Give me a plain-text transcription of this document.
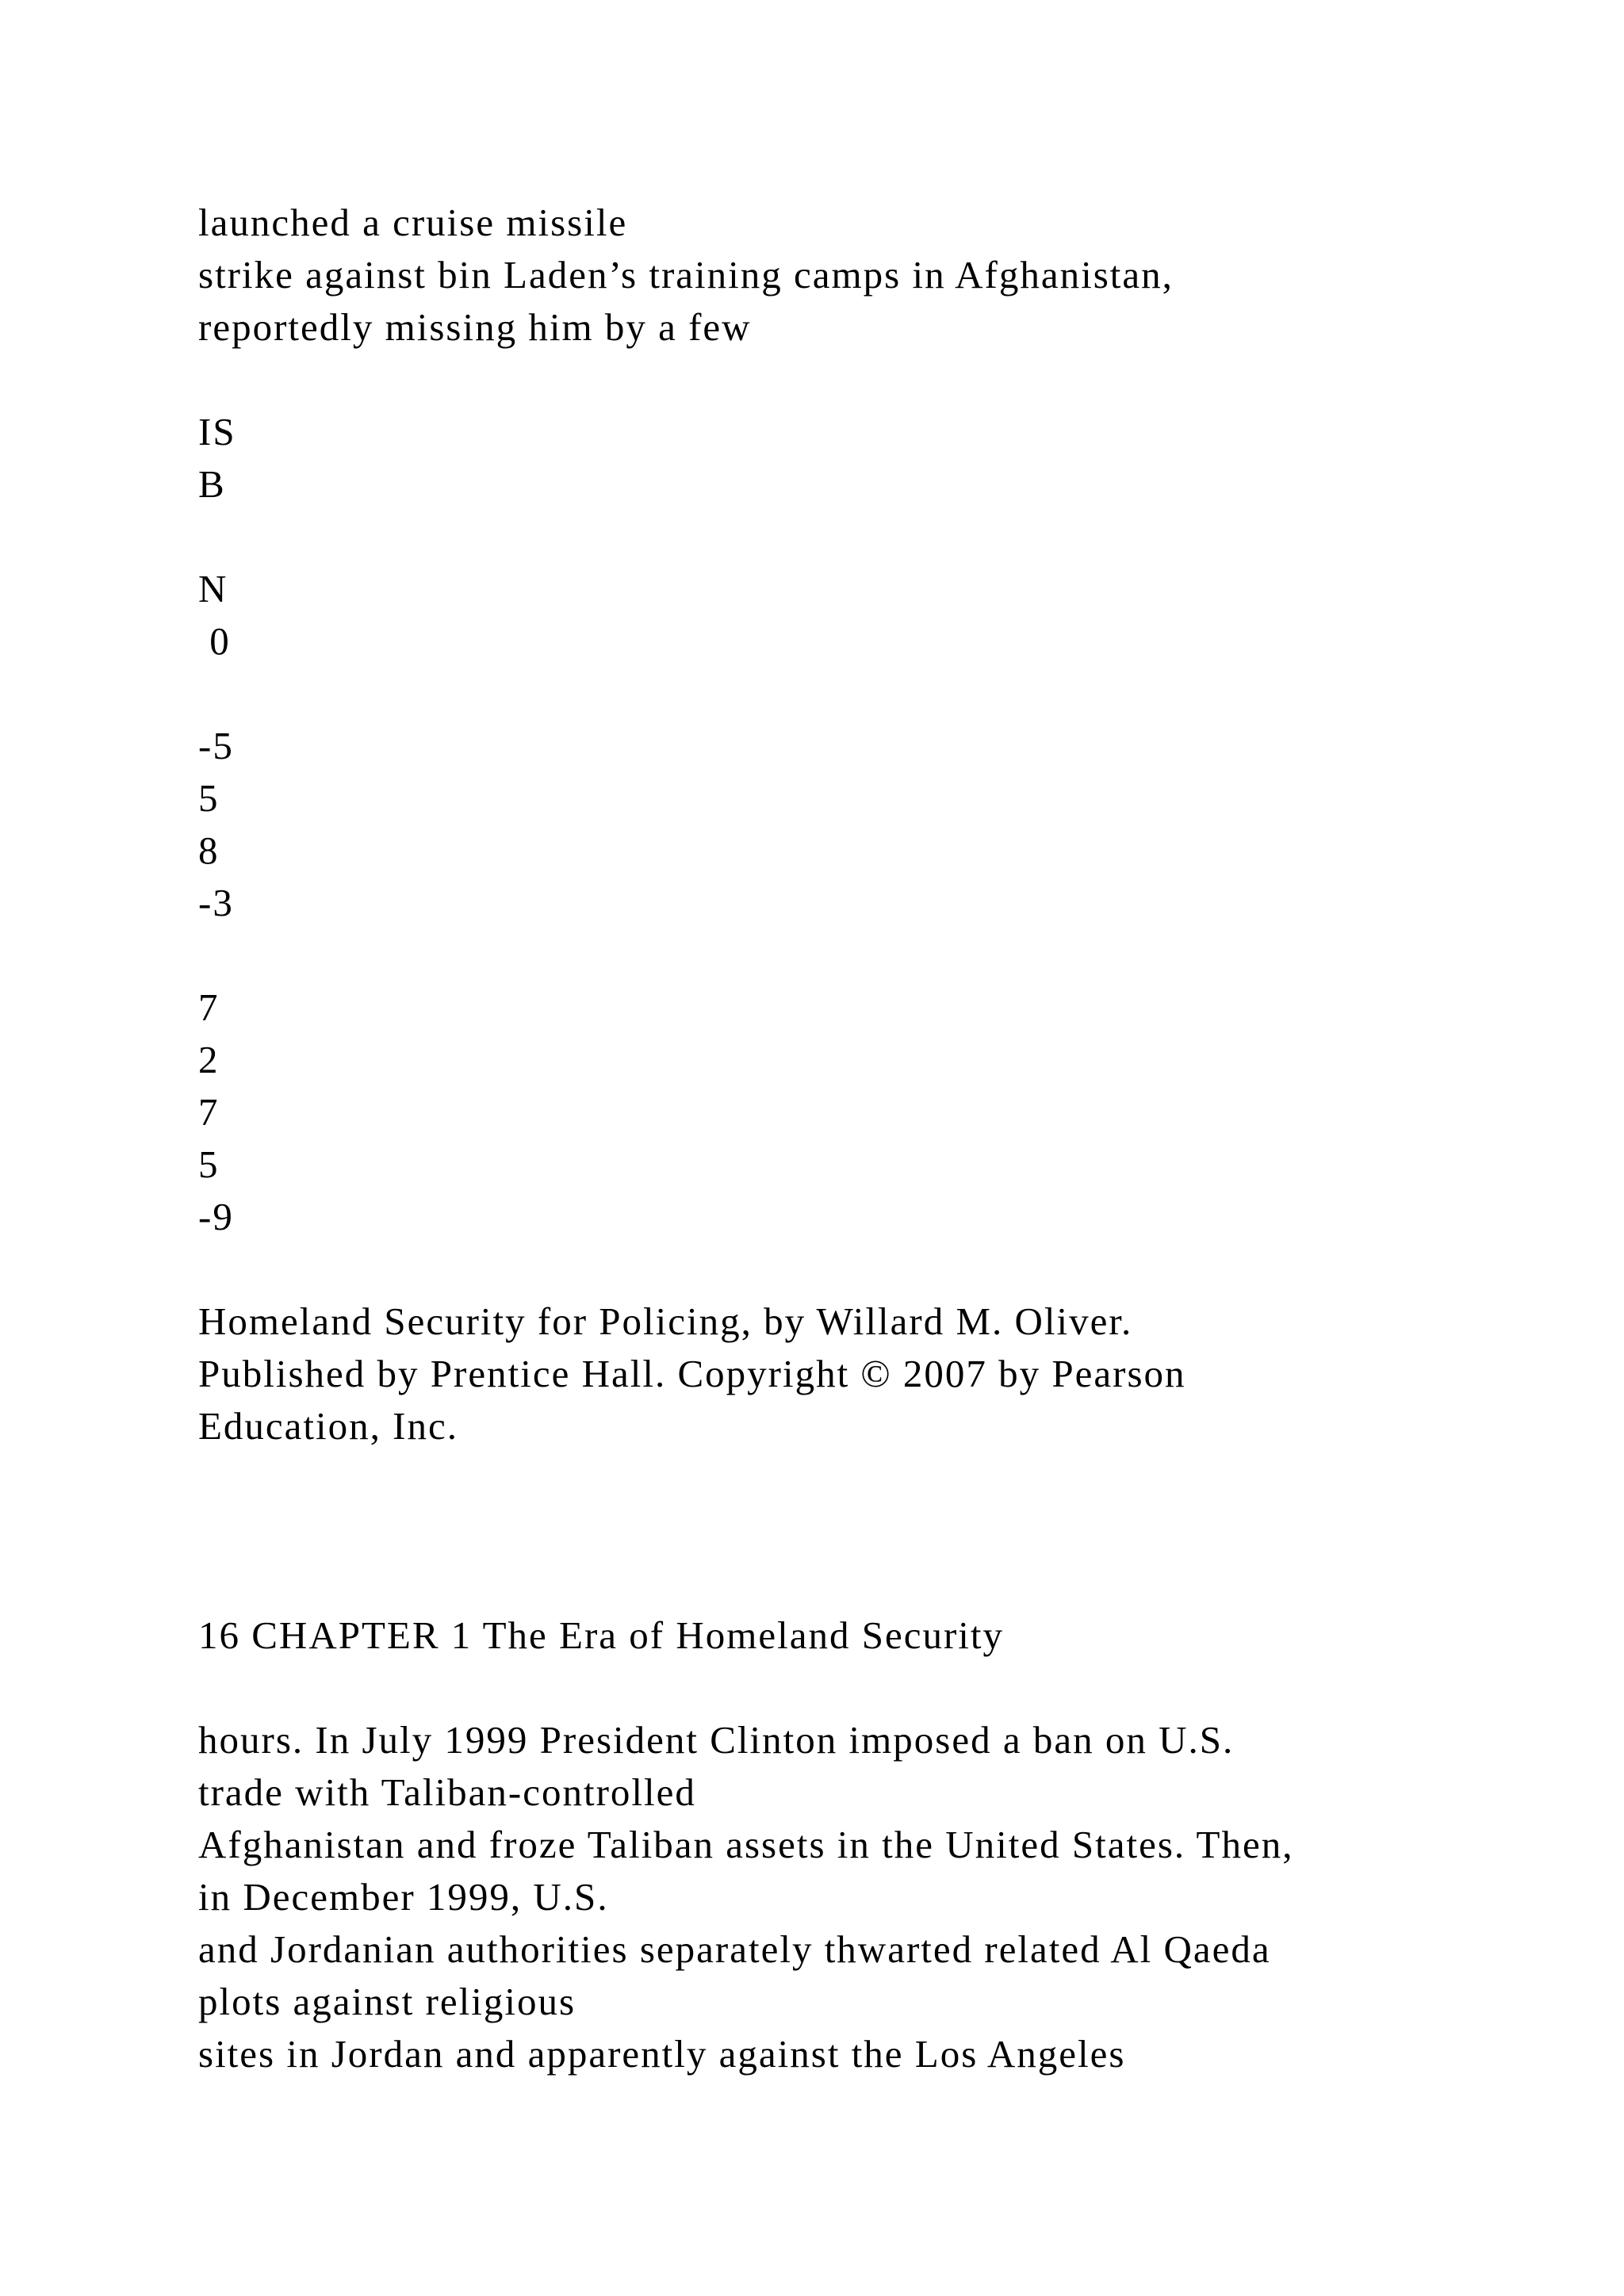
launched a cruise missile
strike against bin Laden’s training camps in Afghanistan,
reportedly missing him by a few
IS
B
N
0
-5
5
8
-3
7
2
7
5
-9
Homeland Security for Policing, by Willard M. Oliver.
Published by Prentice Hall. Copyright © 2007 by Pearson
Education, Inc.
16 CHAPTER 1 The Era of Homeland Security
hours. In July 1999 President Clinton imposed a ban on U.S.
trade with Taliban-controlled
Afghanistan and froze Taliban assets in the United States. Then,
in December 1999, U.S.
and Jordanian authorities separately thwarted related Al Qaeda
plots against religious
sites in Jordan and apparently against the Los Angeles
